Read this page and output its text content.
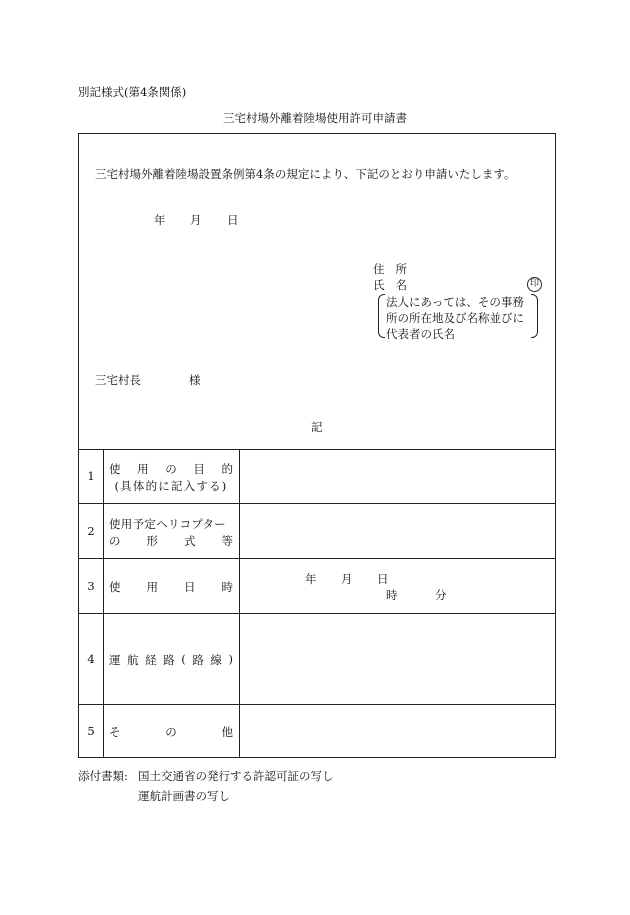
別記様式(第4条関係)
三宅村場外離着陸場使用許可申請書
三宅村場外離着陸場設置条例第4条の規定により、下記のとおり申請いたします。
年 月 日
住 所
氏 名	印
法人にあっては、その事務
所の所在地及び名称並びに
代表者の氏名
三宅村長	様
記
1	使 用 の 目 的
(具体的に記入する)
2	使用予定ヘリコプター
の 形 式 等
3	使 用 日 時
年 月 日
時	分
4	運 航 経 路 ( 路 線 )
5	そ	の	他
添付書類: 国土交通省の発行する許認可証の写し
運航計画書の写し
